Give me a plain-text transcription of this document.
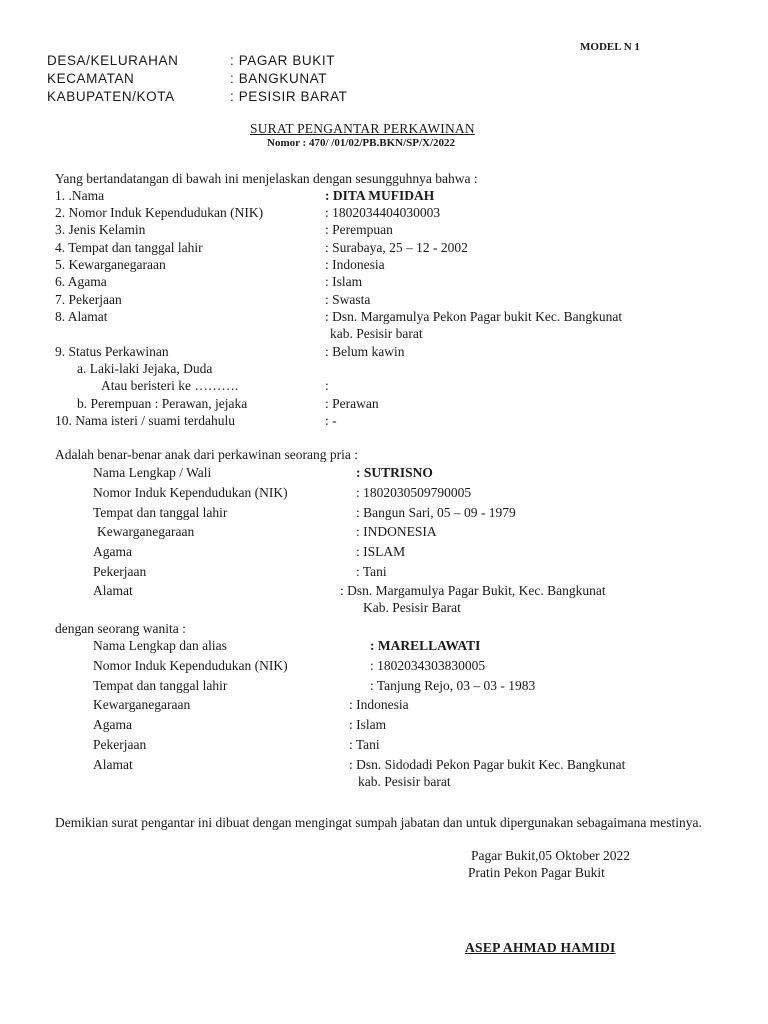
MODEL N 1
DESA/KELURAHAN	: PAGAR BUKIT
KECAMATAN	: BANGKUNAT
KABUPATEN/KOTA	: PESISIR BARAT
SURAT PENGANTAR PERKAWINAN
Nomor : 470/ /01/02/PB.BKN/SP/X/2022
Yang bertandatangan di bawah ini menjelaskan dengan sesungguhnya bahwa :
1. .Nama	: DITA MUFIDAH
2. Nomor Induk Kependudukan (NIK)	: 1802034404030003
3. Jenis Kelamin	: Perempuan
4. Tempat dan tanggal lahir	: Surabaya, 25 – 12 - 2002
5. Kewarganegaraan	: Indonesia
6. Agama	: Islam
7. Pekerjaan	: Swasta
8. Alamat	: Dsn. Margamulya Pekon Pagar bukit Kec. Bangkunat
kab. Pesisir barat
9. Status Perkawinan	: Belum kawin
a. Laki-laki Jejaka, Duda
Atau beristeri ke ……….	:
b. Perempuan : Perawan, jejaka	: Perawan
10. Nama isteri / suami terdahulu	: -
Adalah benar-benar anak dari perkawinan seorang pria :
Nama Lengkap / Wali	: SUTRISNO
Nomor Induk Kependudukan (NIK)	: 1802030509790005
Tempat dan tanggal lahir	: Bangun Sari, 05 – 09 - 1979
Kewarganegaraan	: INDONESIA
Agama	: ISLAM
Pekerjaan	: Tani
Alamat	: Dsn. Margamulya Pagar Bukit, Kec. Bangkunat
Kab. Pesisir Barat
dengan seorang wanita :
Nama Lengkap dan alias	: MARELLAWATI
Nomor Induk Kependudukan (NIK)	: 1802034303830005
Tempat dan tanggal lahir	: Tanjung Rejo, 03 – 03 - 1983
Kewarganegaraan	: Indonesia
Agama	: Islam
Pekerjaan	: Tani
Alamat	: Dsn. Sidodadi Pekon Pagar bukit Kec. Bangkunat
kab. Pesisir barat
Demikian surat pengantar ini dibuat dengan mengingat sumpah jabatan dan untuk dipergunakan sebagaimana mestinya.
Pagar Bukit,05 Oktober 2022
Pratin Pekon Pagar Bukit
ASEP AHMAD HAMIDI
